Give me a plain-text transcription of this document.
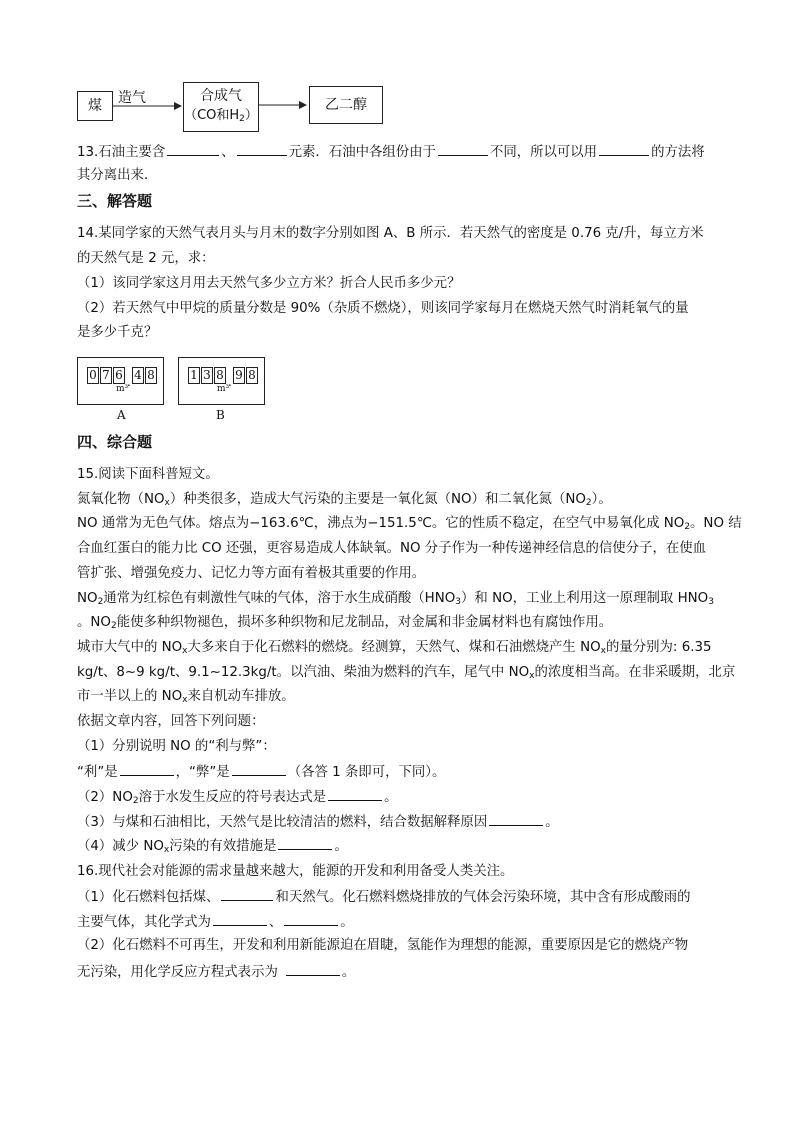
煤 造气	合成气
（CO和$H_2$）
乙二醇
13.石油主要含	、	元素．石油中各组份由于	不同，所以可以用	的方法将
其分离出来．
三、解答题
14.某同学家的天然气表月头与月末的数字分别如图 A、B 所示．若天然气的密度是 0.76 克/升，每立方米
的天然气是 2 元，求：
（1）该同学家这月用去天然气多少立方米？折合人民币多少元？
（2）若天然气中甲烷的质量分数是 90%（杂质不燃烧），则该同学家每月在燃烧天然气时消耗氧气的量
是多少千克？
0 7 6 . 4 8
m³
A
1 3 8 . 9 8
m³
B
四、综合题
15.阅读下面科普短文。
氮氧化物$(NO_x)$种类很多，造成大气污染的主要是一氧化氮（NO）和二氧化氮$(NO_2)$。
NO 通常为无色气体。熔点为−163.6℃，沸点为−151.5℃。它的性质不稳定，在空气中易氧化成 $NO_2$。NO 结
合血红蛋白的能力比 CO 还强，更容易造成人体缺氧。NO 分子作为一种传递神经信息的信使分子，在使血
管扩张、增强免疫力、记忆力等方面有着极其重要的作用。
$NO_2$通常为红棕色有刺激性气味的气体，溶于水生成硝酸$(HNO_3)$和 NO，工业上利用这一原理制取 $HNO_3$
。$NO_2$能使多种织物褪色，损坏多种织物和尼龙制品，对金属和非金属材料也有腐蚀作用。
城市大气中的 $NO_x$大多来自于化石燃料的燃烧。经测算，天然气、煤和石油燃烧产生 $NO_x$的量分别为: 6.35
kg/t、8~9 kg/t、9.1~12.3kg/t。以汽油、柴油为燃料的汽车，尾气中 $NO_x$的浓度相当高。在非采暖期，北京
市一半以上的 $NO_x$来自机动车排放。
依据文章内容，回答下列问题：
（1）分别说明 NO 的“利与弊”：
“利”是	，“弊”是	（各答 1 条即可，下同）。
$(2)NO_2$溶于水发生反应的符号表达式是	。
（3）与煤和石油相比，天然气是比较清洁的燃料，结合数据解释原因	。
（4）减少 $NO_x$污染的有效措施是	。
16.现代社会对能源的需求量越来越大，能源的开发和利用备受人类关注。
（1）化石燃料包括煤、	和天然气。化石燃料燃烧排放的气体会污染环境，其中含有形成酸雨的
主要气体，其化学式为	、	。
（2）化石燃料不可再生，开发和利用新能源迫在眉睫，氢能作为理想的能源，重要原因是它的燃烧产物
无污染，用化学反应方程式表示为	。
